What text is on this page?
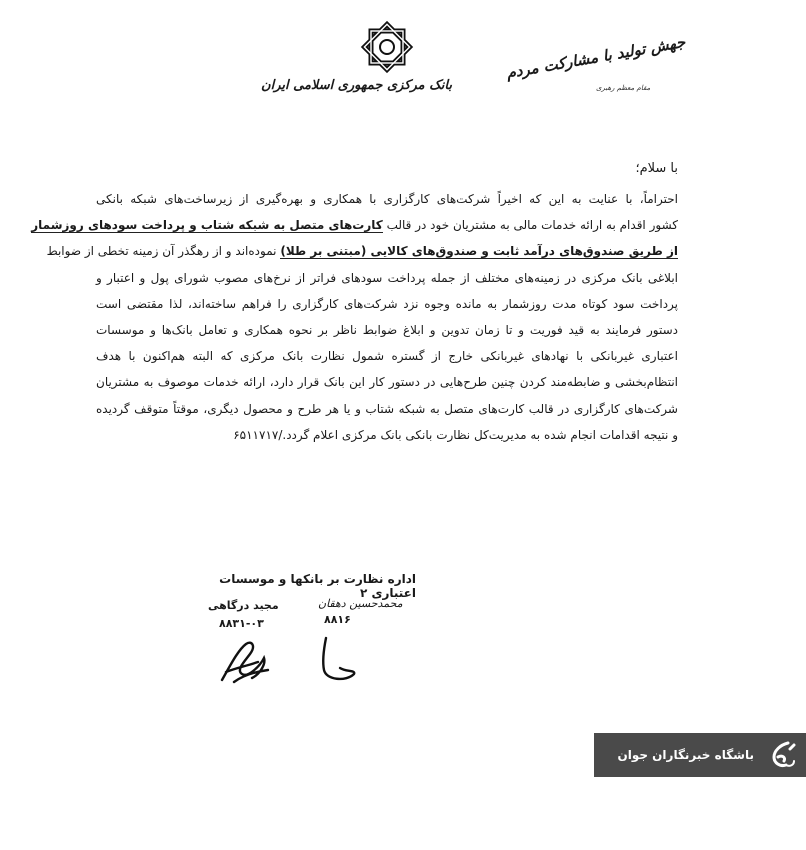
بانک مرکزی جمهوری اسلامی ایران
جهش تولید با مشارکت مردم
مقام معظم رهبری
با سلام؛

احتراماً، با عنایت به این که اخیراً شرکت‌های کارگزاری با همکاری و بهره‌گیری از زیرساخت‌های شبکه بانکی

کشور اقدام به ارائه خدمات مالی به مشتریان خود در قالب کارت‌های متصل به شبکه شتاب و پرداخت سودهای روزشمار

از طریق صندوق‌های درآمد ثابت و صندوق‌های کالایی (مبتنی بر طلا) نموده‌اند و از رهگذر آن زمینه تخطی از ضوابط

ابلاغی بانک مرکزی در زمینه‌های مختلف از جمله پرداخت سودهای فراتر از نرخ‌های مصوب شورای پول و اعتبار و

پرداخت سود کوتاه مدت روزشمار به مانده وجوه نزد شرکت‌های کارگزاری را فراهم ساخته‌اند، لذا مقتضی است

دستور فرمایند به قید فوریت و تا زمان تدوین و ابلاغ ضوابط ناظر بر نحوه همکاری و تعامل بانک‌ها و موسسات

اعتباری غیربانکی با نهادهای غیربانکی خارج از گستره شمول نظارت بانک مرکزی که البته هم‌اکنون با هدف

انتظام‌بخشی و ضابطه‌مند کردن چنین طرح‌هایی در دستور کار این بانک قرار دارد، ارائه خدمات موصوف به مشتریان

شرکت‌های کارگزاری در قالب کارت‌های متصل به شبکه شتاب و یا هر طرح و محصول دیگری، موقتاً متوقف گردیده

و نتیجه اقدامات انجام شده به مدیریت‌کل نظارت بانکی بانک مرکزی اعلام گردد./۶۵۱۱۷۱۷

اداره نظارت بر بانکها و موسسات اعتباری ۲
مجید درگاهی
۸۸۳۱-۰۳
محمدحسین دهقان
۸۸۱۶
باشگاه خبرنگاران جوان
